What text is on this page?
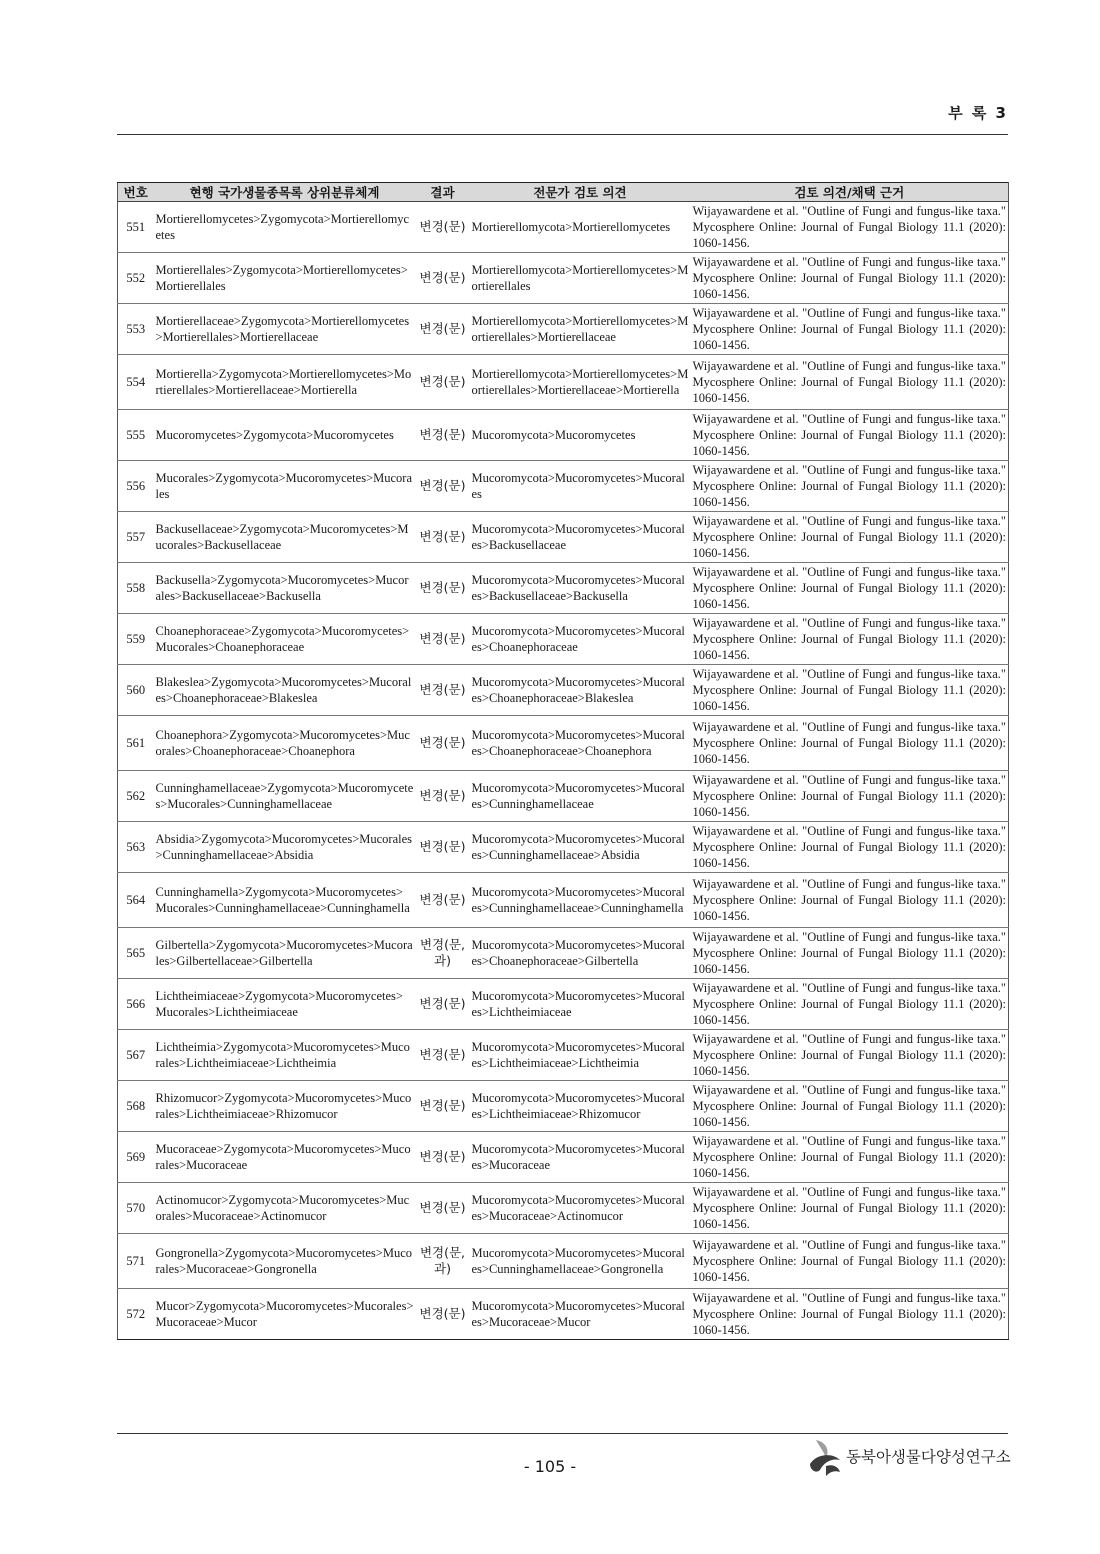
부 록 3
번호	현행 국가생물종목록 상위분류체계	결과	전문가 검토 의견	검토 의견/채택 근거
551	Mortierellomycetes>Zygomycota>Mortierellomycetes	변경(문)	Mortierellomycota>Mortierellomycetes	Wijayawardene et al. "Outline of Fungi and fungus-like taxa." Mycosphere Online: Journal of Fungal Biology 11.1 (2020): 1060-1456.
552	Mortierellales>Zygomycota>Mortierellomycetes>Mortierellales	변경(문)	Mortierellomycota>Mortierellomycetes>Mortierellales	Wijayawardene et al. "Outline of Fungi and fungus-like taxa." Mycosphere Online: Journal of Fungal Biology 11.1 (2020): 1060-1456.
553	Mortierellaceae>Zygomycota>Mortierellomycetes>Mortierellales>Mortierellaceae	변경(문)	Mortierellomycota>Mortierellomycetes>Mortierellales>Mortierellaceae	Wijayawardene et al. "Outline of Fungi and fungus-like taxa." Mycosphere Online: Journal of Fungal Biology 11.1 (2020): 1060-1456.
554	Mortierella>Zygomycota>Mortierellomycetes>Mortierellales>Mortierellaceae>Mortierella	변경(문)	Mortierellomycota>Mortierellomycetes>Mortierellales>Mortierellaceae>Mortierella	Wijayawardene et al. "Outline of Fungi and fungus-like taxa." Mycosphere Online: Journal of Fungal Biology 11.1 (2020): 1060-1456.
555	Mucoromycetes>Zygomycota>Mucoromycetes	변경(문)	Mucoromycota>Mucoromycetes	Wijayawardene et al. "Outline of Fungi and fungus-like taxa." Mycosphere Online: Journal of Fungal Biology 11.1 (2020): 1060-1456.
556	Mucorales>Zygomycota>Mucoromycetes>Mucorales	변경(문)	Mucoromycota>Mucoromycetes>Mucorales	Wijayawardene et al. "Outline of Fungi and fungus-like taxa." Mycosphere Online: Journal of Fungal Biology 11.1 (2020): 1060-1456.
557	Backusellaceae>Zygomycota>Mucoromycetes>Mucorales>Backusellaceae	변경(문)	Mucoromycota>Mucoromycetes>Mucorales>Backusellaceae	Wijayawardene et al. "Outline of Fungi and fungus-like taxa." Mycosphere Online: Journal of Fungal Biology 11.1 (2020): 1060-1456.
558	Backusella>Zygomycota>Mucoromycetes>Mucorales>Backusellaceae>Backusella	변경(문)	Mucoromycota>Mucoromycetes>Mucorales>Backusellaceae>Backusella	Wijayawardene et al. "Outline of Fungi and fungus-like taxa." Mycosphere Online: Journal of Fungal Biology 11.1 (2020): 1060-1456.
559	Choanephoraceae>Zygomycota>Mucoromycetes>Mucorales>Choanephoraceae	변경(문)	Mucoromycota>Mucoromycetes>Mucorales>Choanephoraceae	Wijayawardene et al. "Outline of Fungi and fungus-like taxa." Mycosphere Online: Journal of Fungal Biology 11.1 (2020): 1060-1456.
560	Blakeslea>Zygomycota>Mucoromycetes>Mucorales>Choanephoraceae>Blakeslea	변경(문)	Mucoromycota>Mucoromycetes>Mucorales>Choanephoraceae>Blakeslea	Wijayawardene et al. "Outline of Fungi and fungus-like taxa." Mycosphere Online: Journal of Fungal Biology 11.1 (2020): 1060-1456.
561	Choanephora>Zygomycota>Mucoromycetes>Mucorales>Choanephoraceae>Choanephora	변경(문)	Mucoromycota>Mucoromycetes>Mucorales>Choanephoraceae>Choanephora	Wijayawardene et al. "Outline of Fungi and fungus-like taxa." Mycosphere Online: Journal of Fungal Biology 11.1 (2020): 1060-1456.
562	Cunninghamellaceae>Zygomycota>Mucoromycetes>Mucorales>Cunninghamellaceae	변경(문)	Mucoromycota>Mucoromycetes>Mucorales>Cunninghamellaceae	Wijayawardene et al. "Outline of Fungi and fungus-like taxa." Mycosphere Online: Journal of Fungal Biology 11.1 (2020): 1060-1456.
563	Absidia>Zygomycota>Mucoromycetes>Mucorales>Cunninghamellaceae>Absidia	변경(문)	Mucoromycota>Mucoromycetes>Mucorales>Cunninghamellaceae>Absidia	Wijayawardene et al. "Outline of Fungi and fungus-like taxa." Mycosphere Online: Journal of Fungal Biology 11.1 (2020): 1060-1456.
564	Cunninghamella>Zygomycota>Mucoromycetes>Mucorales>Cunninghamellaceae>Cunninghamella	변경(문)	Mucoromycota>Mucoromycetes>Mucorales>Cunninghamellaceae>Cunninghamella	Wijayawardene et al. "Outline of Fungi and fungus-like taxa." Mycosphere Online: Journal of Fungal Biology 11.1 (2020): 1060-1456.
565	Gilbertella>Zygomycota>Mucoromycetes>Mucorales>Gilbertellaceae>Gilbertella	변경(문, 과)	Mucoromycota>Mucoromycetes>Mucorales>Choanephoraceae>Gilbertella	Wijayawardene et al. "Outline of Fungi and fungus-like taxa." Mycosphere Online: Journal of Fungal Biology 11.1 (2020): 1060-1456.
566	Lichtheimiaceae>Zygomycota>Mucoromycetes>Mucorales>Lichtheimiaceae	변경(문)	Mucoromycota>Mucoromycetes>Mucorales>Lichtheimiaceae	Wijayawardene et al. "Outline of Fungi and fungus-like taxa." Mycosphere Online: Journal of Fungal Biology 11.1 (2020): 1060-1456.
567	Lichtheimia>Zygomycota>Mucoromycetes>Mucorales>Lichtheimiaceae>Lichtheimia	변경(문)	Mucoromycota>Mucoromycetes>Mucorales>Lichtheimiaceae>Lichtheimia	Wijayawardene et al. "Outline of Fungi and fungus-like taxa." Mycosphere Online: Journal of Fungal Biology 11.1 (2020): 1060-1456.
568	Rhizomucor>Zygomycota>Mucoromycetes>Mucorales>Lichtheimiaceae>Rhizomucor	변경(문)	Mucoromycota>Mucoromycetes>Mucorales>Lichtheimiaceae>Rhizomucor	Wijayawardene et al. "Outline of Fungi and fungus-like taxa." Mycosphere Online: Journal of Fungal Biology 11.1 (2020): 1060-1456.
569	Mucoraceae>Zygomycota>Mucoromycetes>Mucorales>Mucoraceae	변경(문)	Mucoromycota>Mucoromycetes>Mucorales>Mucoraceae	Wijayawardene et al. "Outline of Fungi and fungus-like taxa." Mycosphere Online: Journal of Fungal Biology 11.1 (2020): 1060-1456.
570	Actinomucor>Zygomycota>Mucoromycetes>Mucorales>Mucoraceae>Actinomucor	변경(문)	Mucoromycota>Mucoromycetes>Mucorales>Mucoraceae>Actinomucor	Wijayawardene et al. "Outline of Fungi and fungus-like taxa." Mycosphere Online: Journal of Fungal Biology 11.1 (2020): 1060-1456.
571	Gongronella>Zygomycota>Mucoromycetes>Mucorales>Mucoraceae>Gongronella	변경(문, 과)	Mucoromycota>Mucoromycetes>Mucorales>Cunninghamellaceae>Gongronella	Wijayawardene et al. "Outline of Fungi and fungus-like taxa." Mycosphere Online: Journal of Fungal Biology 11.1 (2020): 1060-1456.
572	Mucor>Zygomycota>Mucoromycetes>Mucorales>Mucoraceae>Mucor	변경(문)	Mucoromycota>Mucoromycetes>Mucorales>Mucoraceae>Mucor	Wijayawardene et al. "Outline of Fungi and fungus-like taxa." Mycosphere Online: Journal of Fungal Biology 11.1 (2020): 1060-1456.
- 105 -	동북아생물다양성연구소
